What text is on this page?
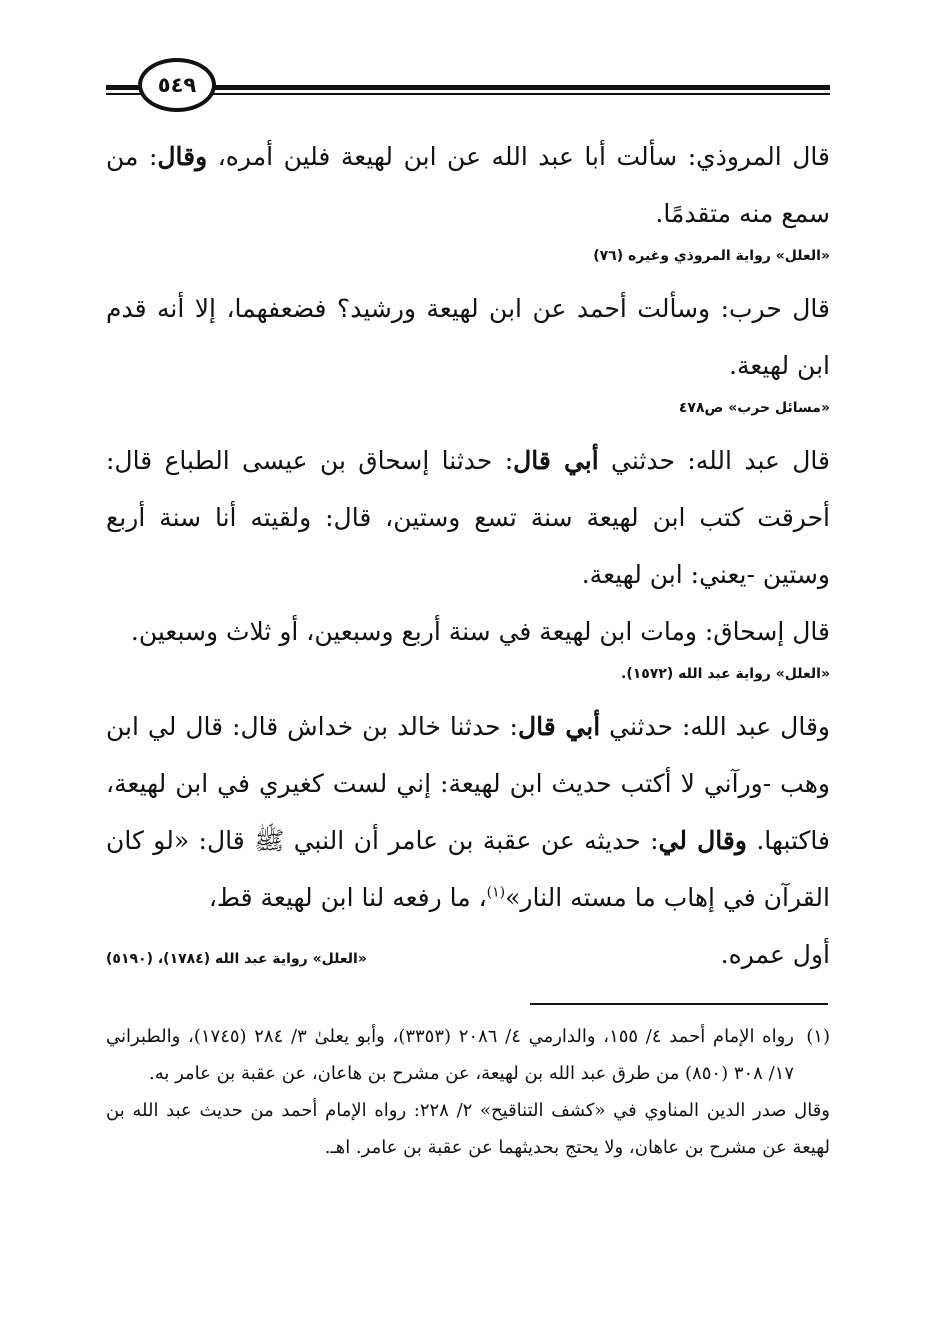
٥٤٩

قال المروذي: سألت أبا عبد الله عن ابن لهيعة فلين أمره، وقال: من سمع منه متقدمًا.

«العلل» رواية المروذي وغيره (٧٦)

قال حرب: وسألت أحمد عن ابن لهيعة ورشيد؟ فضعفهما، إلا أنه قدم ابن لهيعة.

«مسائل حرب» ص٤٧٨

قال عبد الله: حدثني أبي قال: حدثنا إسحاق بن عيسى الطباع قال: أحرقت كتب ابن لهيعة سنة تسع وستين، قال: ولقيته أنا سنة أربع وستين -يعني: ابن لهيعة.

قال إسحاق: ومات ابن لهيعة في سنة أربع وسبعين، أو ثلاث وسبعين.

«العلل» رواية عبد الله (١٥٧٢).

وقال عبد الله: حدثني أبي قال: حدثنا خالد بن خداش قال: قال لي ابن وهب -ورآني لا أكتب حديث ابن لهيعة: إني لست كغيري في ابن لهيعة، فاكتبها. وقال لي: حديثه عن عقبة بن عامر أن النبي ﷺ قال: «لو كان القرآن في إهاب ما مسته النار»$^{(١)}$، ما رفعه لنا ابن لهيعة قط،

أول عمره.
«العلل» رواية عبد الله (١٧٨٤)، (٥١٩٠)
(١)
رواه الإمام أحمد ٤/ ١٥٥، والدارمي ٤/ ٢٠٨٦ (٣٣٥٣)، وأبو يعلىٰ ٣/ ٢٨٤ (١٧٤٥)، والطبراني ١٧/ ٣٠٨ (٨٥٠) من طرق عبد الله بن لهيعة، عن مشرح بن هاعان، عن عقبة بن عامر به.
وقال صدر الدين المناوي في «كشف التناقيح» ٢/ ٢٢٨: رواه الإمام أحمد من حديث عبد الله بن لهيعة عن مشرح بن عاهان، ولا يحتج بحديثهما عن عقبة بن عامر. اهـ.
